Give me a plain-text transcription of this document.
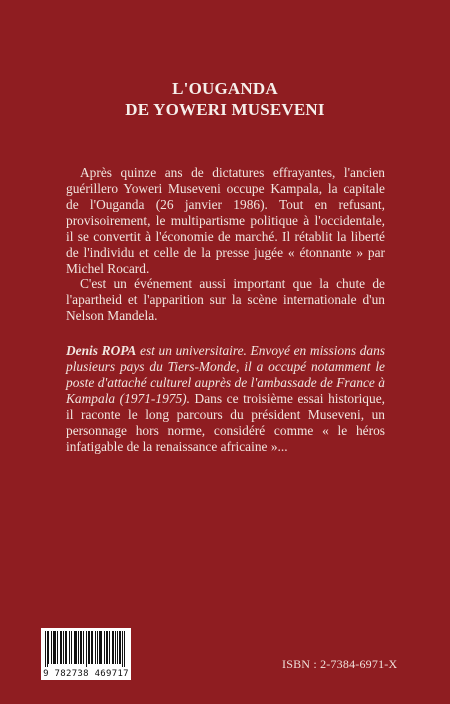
L'OUGANDA
DE YOWERI MUSEVENI

Après quinze ans de dictatures effrayantes, l'ancien guérillero Yoweri Museveni occupe Kampala, la capitale de l'Ouganda (26 janvier 1986). Tout en refusant, provisoirement, le multipartisme politique à l'occidentale, il se convertit à l'économie de marché. Il rétablit la liberté de l'individu et celle de la presse jugée « étonnante » par Michel Rocard.

C'est un événement aussi important que la chute de l'apartheid et l'apparition sur la scène internationale d'un Nelson Mandela.

Denis ROPA est un universitaire. Envoyé en missions dans plusieurs pays du Tiers-Monde, il a occupé notamment le poste d'attaché culturel auprès de l'ambassade de France à Kampala (1971-1975). Dans ce troisième essai historique, il raconte le long parcours du président Museveni, un personnage hors norme, considéré comme « le héros infatigable de la renaissance africaine »...

9 782738 469717
ISBN : 2-7384-6971-X
